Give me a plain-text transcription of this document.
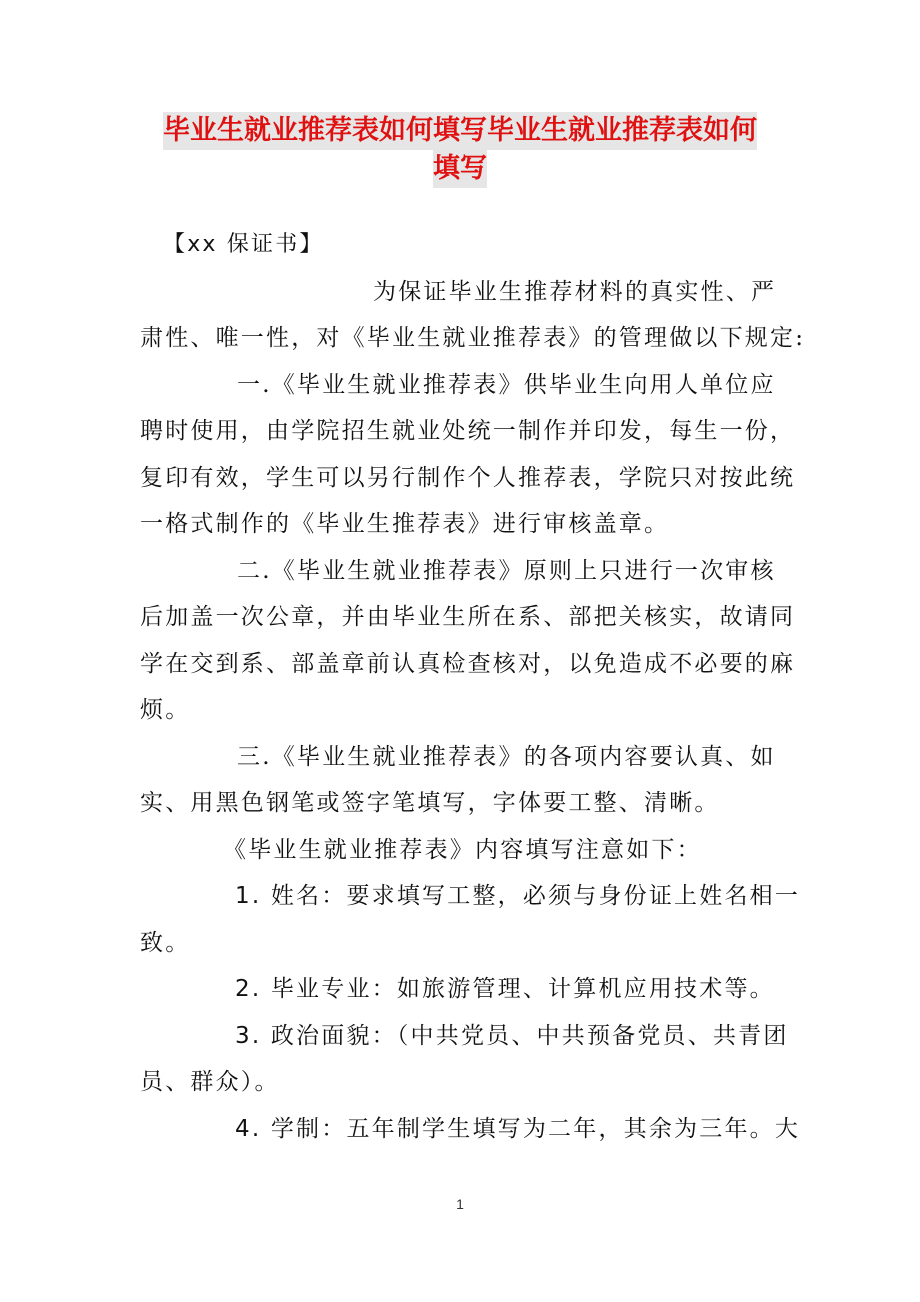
毕业生就业推荐表如何填写毕业生就业推荐表如何
填写
【xx 保证书】
为保证毕业生推荐材料的真实性、严
肃性、唯一性，对《毕业生就业推荐表》的管理做以下规定:
一.《毕业生就业推荐表》供毕业生向用人单位应
聘时使用，由学院招生就业处统一制作并印发，每生一份，
复印有效，学生可以另行制作个人推荐表，学院只对按此统
一格式制作的《毕业生推荐表》进行审核盖章。
二.《毕业生就业推荐表》原则上只进行一次审核
后加盖一次公章，并由毕业生所在系、部把关核实，故请同
学在交到系、部盖章前认真检查核对，以免造成不必要的麻
烦。
三.《毕业生就业推荐表》的各项内容要认真、如
实、用黑色钢笔或签字笔填写，字体要工整、清晰。
《毕业生就业推荐表》内容填写注意如下：
1. 姓名：要求填写工整，必须与身份证上姓名相一
致。
2. 毕业专业：如旅游管理、计算机应用技术等。
3. 政治面貌：（中共党员、中共预备党员、共青团
员、群众）。
4. 学制：五年制学生填写为二年，其余为三年。大
1
